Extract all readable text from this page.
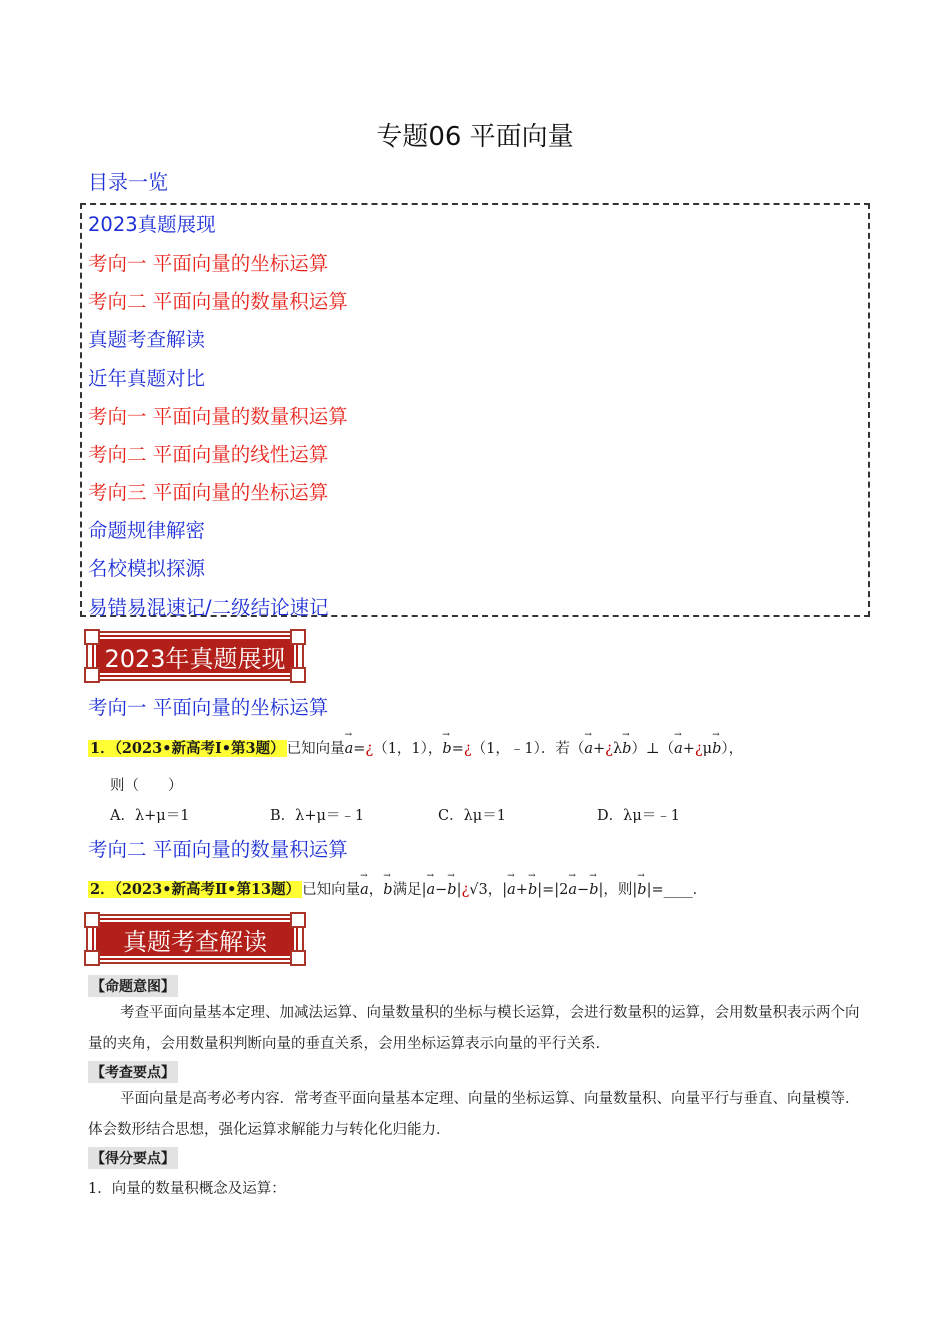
专题06 平面向量
目录一览
2023真题展现
考向一 平面向量的坐标运算
考向二 平面向量的数量积运算
真题考查解读
近年真题对比
考向一 平面向量的数量积运算
考向二 平面向量的线性运算
考向三 平面向量的坐标运算
命题规律解密
名校模拟探源
易错易混速记/二级结论速记
2023年真题展现
考向一 平面向量的坐标运算
1．（2023•新高考Ⅰ•第3题） 已知向量→ a=¿（1，1），→ b=¿（1，﹣1）．若（→ a+¿λ→ b）⊥（→ a+¿μ→ b），
则（　　）
A．λ+μ＝1	B．λ+μ＝﹣1	C．λμ＝1	D．λμ＝﹣1
考向二 平面向量的数量积运算
2．（2023•新高考Ⅱ•第13题） 已知向量→ a，→ b满足|→ a−→ b|¿√3，|→ a+→ b|=|2→ a−→ b|，则|→ b|=____．
真题考查解读
【命题意图】
考查平面向量基本定理、加减法运算、向量数量积的坐标与模长运算，会进行数量积的运算，会用数量积表示两个向量的夹角，会用数量积判断向量的垂直关系，会用坐标运算表示向量的平行关系．
【考查要点】
平面向量是高考必考内容．常考查平面向量基本定理、向量的坐标运算、向量数量积、向量平行与垂直、向量模等．体会数形结合思想，强化运算求解能力与转化化归能力．
【得分要点】
1．向量的数量积概念及运算：
